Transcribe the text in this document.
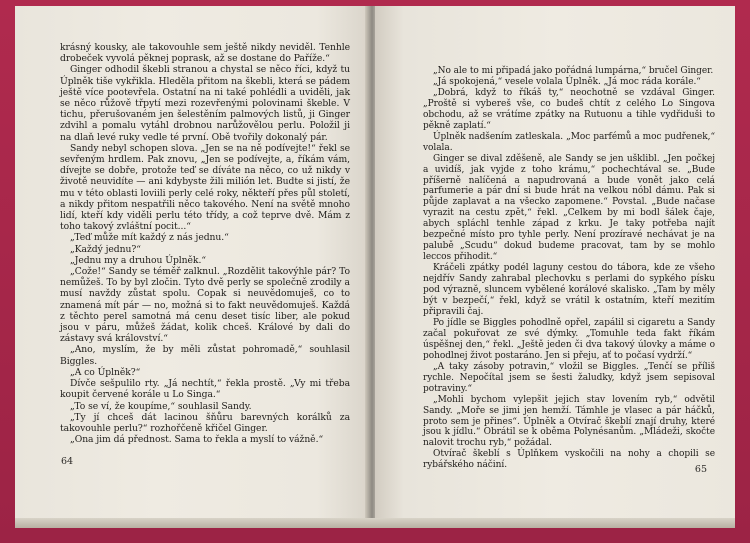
krásný kousky, ale takovouhle sem ještě nikdy neviděl. Tenhle drobeček vyvolá pěknej poprask, až se dostane do Paříže.“

Ginger odhodil škebli stranou a chystal se něco říci, když tu Úplněk tiše vykřikla. Hleděla přitom na škebli, která se pádem ještě více pootevřela. Ostatní na ni také pohlédli a uviděli, jak se něco růžově třpytí mezi rozevřenými polovinami škeble. V tichu, přerušovaném jen šelestěním palmových listů, ji Ginger zdvihl a pomalu vytáhl drobnou narůžovělou perlu. Položil ji na dlaň levé ruky vedle té první. Obě tvořily dokonalý pár.

Sandy nebyl schopen slova. „Jen se na ně podívejte!“ řekl se sevřeným hrdlem. Pak znovu, „Jen se podívejte, a, říkám vám, dívejte se dobře, protože teď se díváte na něco, co už nikdy v životě neuvidíte — ani kdybyste žili milión let. Budte si jistí, že mu v této oblasti loviili perly celé roky, někteří přes půl století, a nikdy přitom nespatřili něco takového. Není na světě mnoho lidí, kteří kdy viděli perlu této třídy, a což teprve dvě. Mám z toho takový zvláštní pocit...“

„Teď může mít každý z nás jednu.“

„Každý jednu?“

„Jednu my a druhou Úplněk.“

„Cože!“ Sandy se téměř zalknul. „Rozdělit takovýhle pár? To nemůžeš. To by byl zločin. Tyto dvě perly se společně zrodily a musí navždy zůstat spolu. Copak si neuvědomuješ, co to znamená mít pár — no, možná si to fakt neuvědomuješ. Každá z těchto perel samotná má cenu deset tisíc liber, ale pokud jsou v páru, můžeš žádat, kolik chceš. Králové by dali do zástavy svá království.“

„Ano, myslím, že by měli zůstat pohromadě,“ souhlasil Biggles.

„A co Úplněk?“

Dívče sešpulilo rty. „Já nechtít,“ řekla prostě. „Vy mi třeba koupit červené korále u Lo Singa.“

„To se ví, že koupíme,“ souhlasil Sandy.

„Ty jí chceš dát lacinou šňůru barevných korálků za takovouhle perlu?“ rozhořčeně křičel Ginger.

„Ona jim dá přednost. Sama to řekla a myslí to vážně.“

64

„No ale to mi připadá jako pořádná lumpárna,“ bručel Ginger.

„Já spokojená,“ vesele volala Úplněk. „Já moc ráda korále.“

„Dobrá, když to říkáš ty,“ neochotně se vzdával Ginger. „Proště si vybereš vše, co budeš chtít z celého Lo Singova obchodu, až se vrátíme zpátky na Rutuonu a tihle vydřiduši to pěkně zaplatí.“

Úplněk nadšením zatleskala. „Moc parfémů a moc pudřenek,“ volala.

Ginger se dival zděšeně, ale Sandy se jen ušklibl. „Jen počkej a uvidíš, jak vyjde z toho krámu,“ pochechtával se. „Bude příšerně nalíčená a napudrovaná a bude vonět jako celá parfumerie a pár dní si bude hrát na velkou nóbl dámu. Pak si půjde zaplavat a na všecko zapomene.“ Povstal. „Bude načase vyrazit na cestu zpět,“ řekl. „Celkem by mi bodl šálek čaje, abych spláchl tenhle západ z krku. Je taky potřeba najít bezpečné místo pro tyhle perly. Není prozíravé nechávat je na palubě „Scudu“ dokud budeme pracovat, tam by se mohlo leccos přihodit.“

Kráčeli zpátky podél laguny cestou do tábora, kde ze všeho nejdřív Sandy zahrabal plechovku s perlami do sypkého písku pod výraznĕ, sluncem vybělené korálové skalisko. „Tam by měly být v bezpečí,“ řekl, když se vrátil k ostatním, kteří mezitím připravili čaj.

Po jídle se Biggles pohodlně opřel, zapálil si cigaretu a Sandy začal pokuřovat ze své dýmky. „Tomuhle teda fakt říkám úspěšnej den,“ řekl. „Ještě jeden či dva takový úlovky a máme o pohodlnej život postaráno. Jen si přeju, ať to počasí vydrží.“

„A taky zásoby potravin,“ vložil se Biggles. „Tenčí se příliš rychle. Nepočítal jsem se šesti žaludky, když jsem sepisoval potraviny.“

„Mohli bychom vylepšit jejich stav lovením ryb,“ odvětil Sandy. „Moře se jimi jen hemží. Támhle je vlasec a pár háčků, proto sem je přines“. Úplněk a Otvírač škeblí znají druhy, které jsou k jídlu.“ Obrátil se k oběma Polynésanům. „Mládeži, skočte nalovit trochu ryb,“ požádal.

Otvírač škeblí s Úplňkem vyskočili na nohy a chopili se rybářského náčiní.	65
